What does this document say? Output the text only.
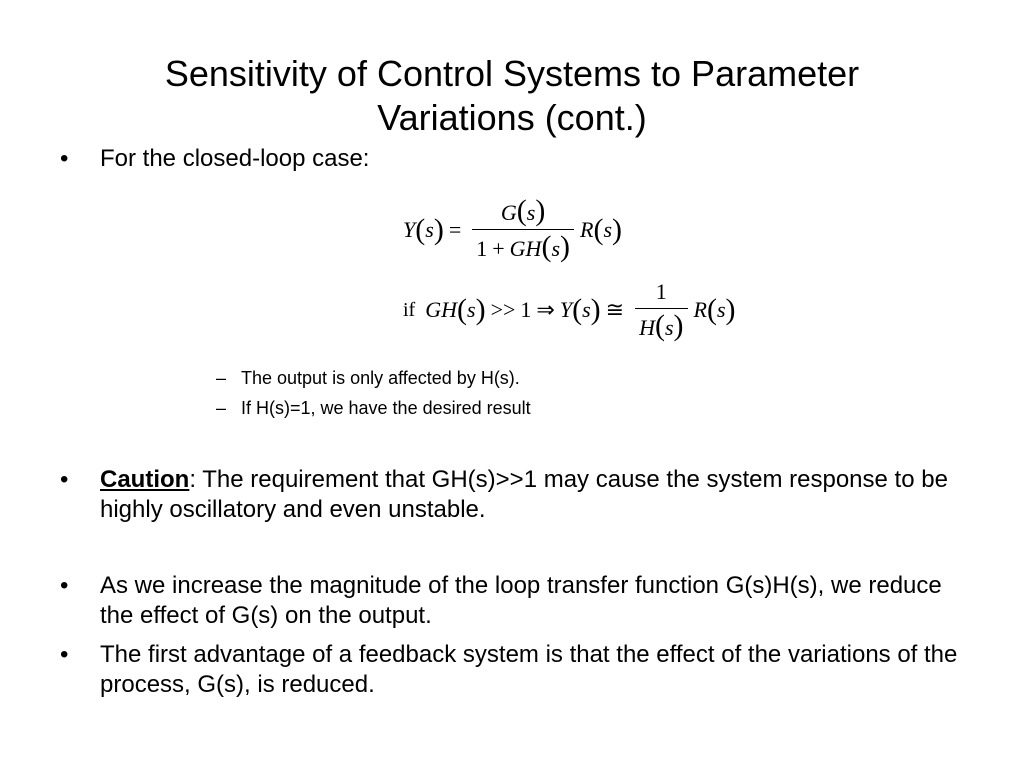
Sensitivity of Control Systems to Parameter
Variations (cont.)
• For the closed-loop case:
Y ( s ) = $\frac{G(s)}{1 + GH(s)}$ R ( s )
if GH ( s ) >> 1 ⇒ Y ( s ) ≅ $\frac{1}{H(s)}$ R ( s )
– The output is only affected by H(s).
– If H(s)=1, we have the desired result
• Caution: The requirement that GH(s)>>1 may cause the system response to be highly oscillatory and even unstable.
• As we increase the magnitude of the loop transfer function G(s)H(s), we reduce the effect of G(s) on the output.
• The first advantage of a feedback system is that the effect of the variations of the process, G(s), is reduced.
